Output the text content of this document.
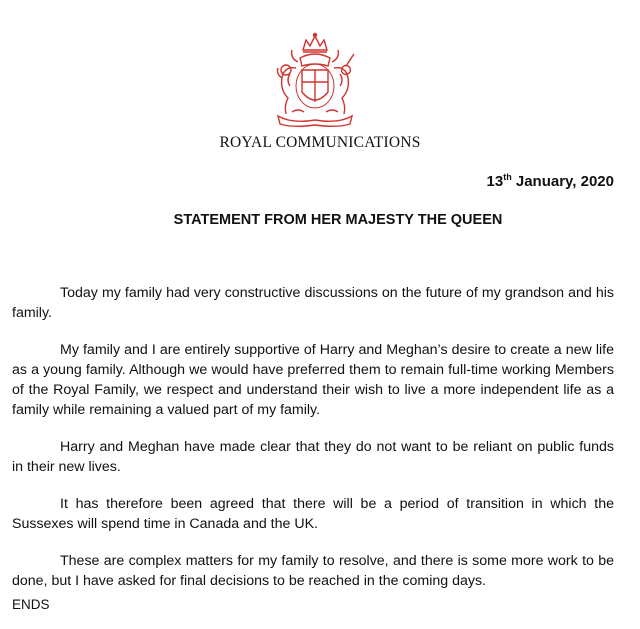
ROYAL COMMUNICATIONS
13th January, 2020
STATEMENT FROM HER MAJESTY THE QUEEN

Today my family had very constructive discussions on the future of my grandson and his family.

My family and I are entirely supportive of Harry and Meghan’s desire to create a new life as a young family. Although we would have preferred them to remain full-time working Members of the Royal Family, we respect and understand their wish to live a more independent life as a family while remaining a valued part of my family.

Harry and Meghan have made clear that they do not want to be reliant on public funds in their new lives.

It has therefore been agreed that there will be a period of transition in which the Sussexes will spend time in Canada and the UK.

These are complex matters for my family to resolve, and there is some more work to be done, but I have asked for final decisions to be reached in the coming days.

ENDS
